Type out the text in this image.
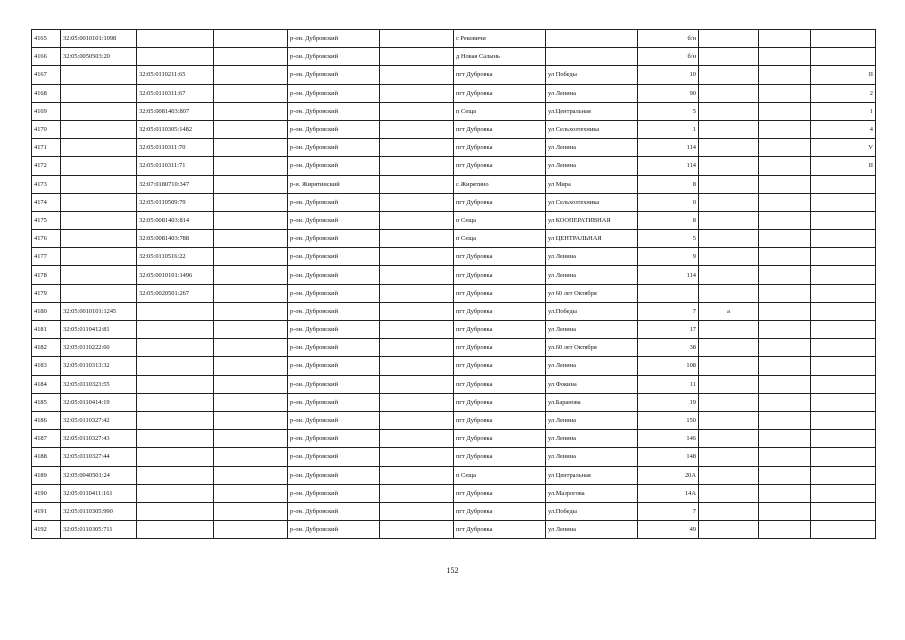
4165	32:05:0010101:1098			р-он. Дубровский		с Рековичи		б/н			
4166	32:05:0050503:20			р-он. Дубровский		д Новая Салынь		б/н			
4167		32:05:0110211:65		р-он. Дубровский		пгт Дубровка	ул Победы	10			II
4168		32:05:0110311:67		р-он. Дубровский		пгт Дубровка	ул Ленина	90			2
4169		32:05:0081403:807		р-он. Дубровский		п Сеща	ул.Центральная	5			1
4170		32:05:0110305:1482		р-он. Дубровский		пгт Дубровка	ул Сельхозтехника	1			4
4171		32:05:0110311:70		р-он. Дубровский		пгт Дубровка	ул Ленина	114			V
4172		32:05:0110311:71		р-он. Дубровский		пгт Дубровка	ул Ленина	114			II
4173		32:07:0180710:347		р-н. Жирятинский		с Жирятино	ул Мира	8			
4174		32:05:0110509:79		р-он. Дубровский		пгт Дубровка	ул Сельхозтехника	0			
4175		32:05:0081403:814		р-он. Дубровский		п Сеща	ул КООПЕРАТИВНАЯ	8			
4176		32:05:0081403:788		р-он. Дубровский		п Сеща	ул ЦЕНТРАЛЬНАЯ	5			
4177		32:05:0110516:22		р-он. Дубровский		пгт Дубровка	ул Ленина	9			
4178		32:05:0010101:1496		р-он. Дубровский		пгт Дубровка	ул Ленина	114			
4179		32:05:0020501:267		р-он. Дубровский		пгт Дубровка	ул 60 лет Октября				
4180	32:05:0010101:1245			р-он. Дубровский		пгт Дубровка	ул.Победы	7	а		
4181	32:05:0110412:81			р-он. Дубровский		пгт Дубровка	ул Ленина	17			
4182	32:05:0110222:60			р-он. Дубровский		пгт Дубровка	ул.60 лет Октября	38			
4183	32:05:0110313:32			р-он. Дубровский		пгт Дубровка	ул Ленина	108			
4184	32:05:0110323:55			р-он. Дубровский		пгт Дубровка	ул Фокина	11			
4185	32:05:0110414:19			р-он. Дубровский		пгт Дубровка	ул.Баранова	19			
4186	32:05:0110327:42			р-он. Дубровский		пгт Дубровка	ул Ленина	150			
4187	32:05:0110327:43			р-он. Дубровский		пгт Дубровка	ул Ленина	146			
4188	32:05:0110327:44			р-он. Дубровский		пгт Дубровка	ул Ленина	148			
4189	32:05:0040501:24			р-он. Дубровский		п Сеща	ул Центральная	20А			
4190	32:05:0110411:161			р-он. Дубровский		пгт Дубровка	ул.Мазрогова	14А			
4191	32:05:0110305:990			р-он. Дубровский		пгт Дубровка	ул.Победы	7			
4192	32:05:0110305:711			р-он. Дубровский		пгт Дубровка	ул Ленина	49			
152
